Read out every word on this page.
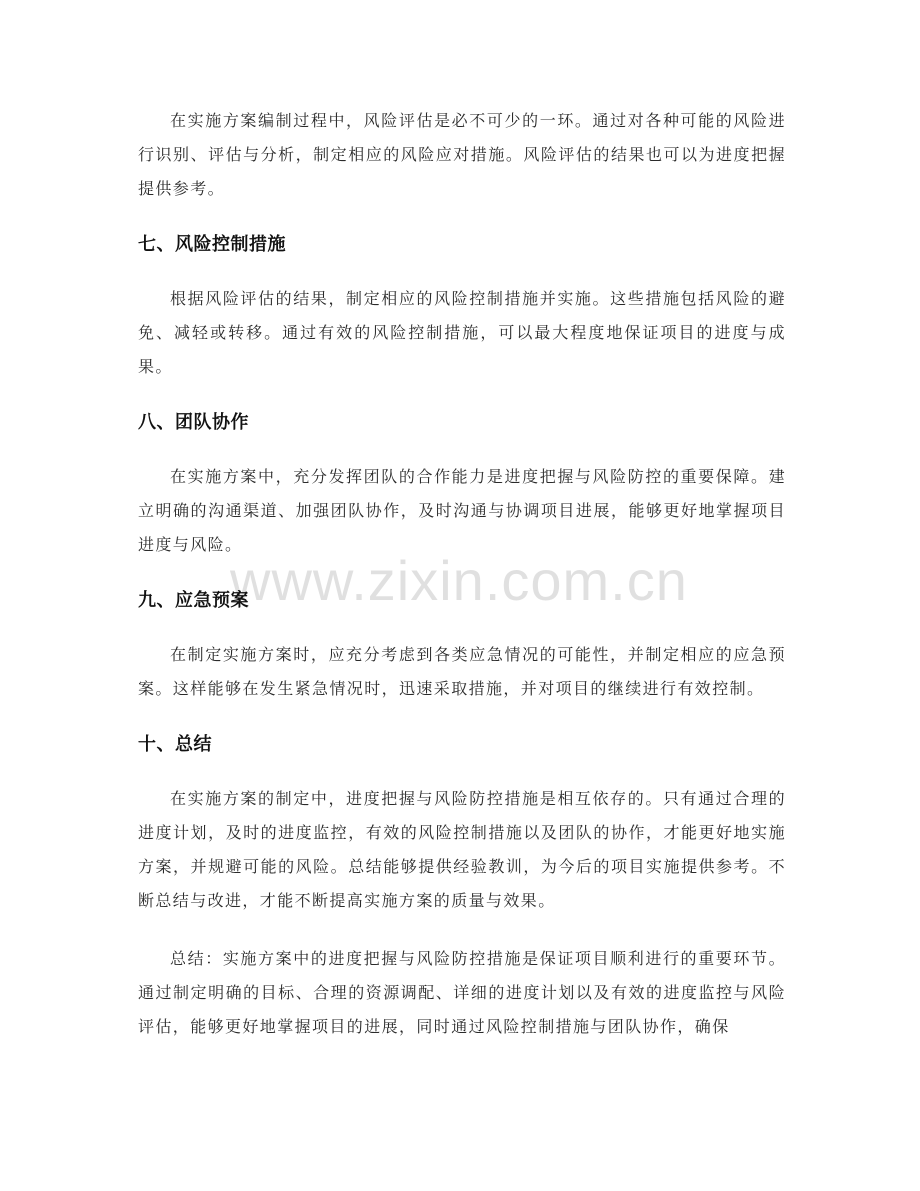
在实施方案编制过程中，风险评估是必不可少的一环。通过对各种可能的风险进行识别、评估与分析，制定相应的风险应对措施。风险评估的结果也可以为进度把握提供参考。

七、风险控制措施

根据风险评估的结果，制定相应的风险控制措施并实施。这些措施包括风险的避免、减轻或转移。通过有效的风险控制措施，可以最大程度地保证项目的进度与成果。

八、团队协作

在实施方案中，充分发挥团队的合作能力是进度把握与风险防控的重要保障。建立明确的沟通渠道、加强团队协作，及时沟通与协调项目进展，能够更好地掌握项目进度与风险。

九、应急预案

在制定实施方案时，应充分考虑到各类应急情况的可能性，并制定相应的应急预案。这样能够在发生紧急情况时，迅速采取措施，并对项目的继续进行有效控制。

十、总结

在实施方案的制定中，进度把握与风险防控措施是相互依存的。只有通过合理的进度计划，及时的进度监控，有效的风险控制措施以及团队的协作，才能更好地实施方案，并规避可能的风险。总结能够提供经验教训，为今后的项目实施提供参考。不断总结与改进，才能不断提高实施方案的质量与效果。

总结：实施方案中的进度把握与风险防控措施是保证项目顺利进行的重要环节。通过制定明确的目标、合理的资源调配、详细的进度计划以及有效的进度监控与风险评估，能够更好地掌握项目的进展，同时通过风险控制措施与团队协作，确保

www.zixin.com.cn
